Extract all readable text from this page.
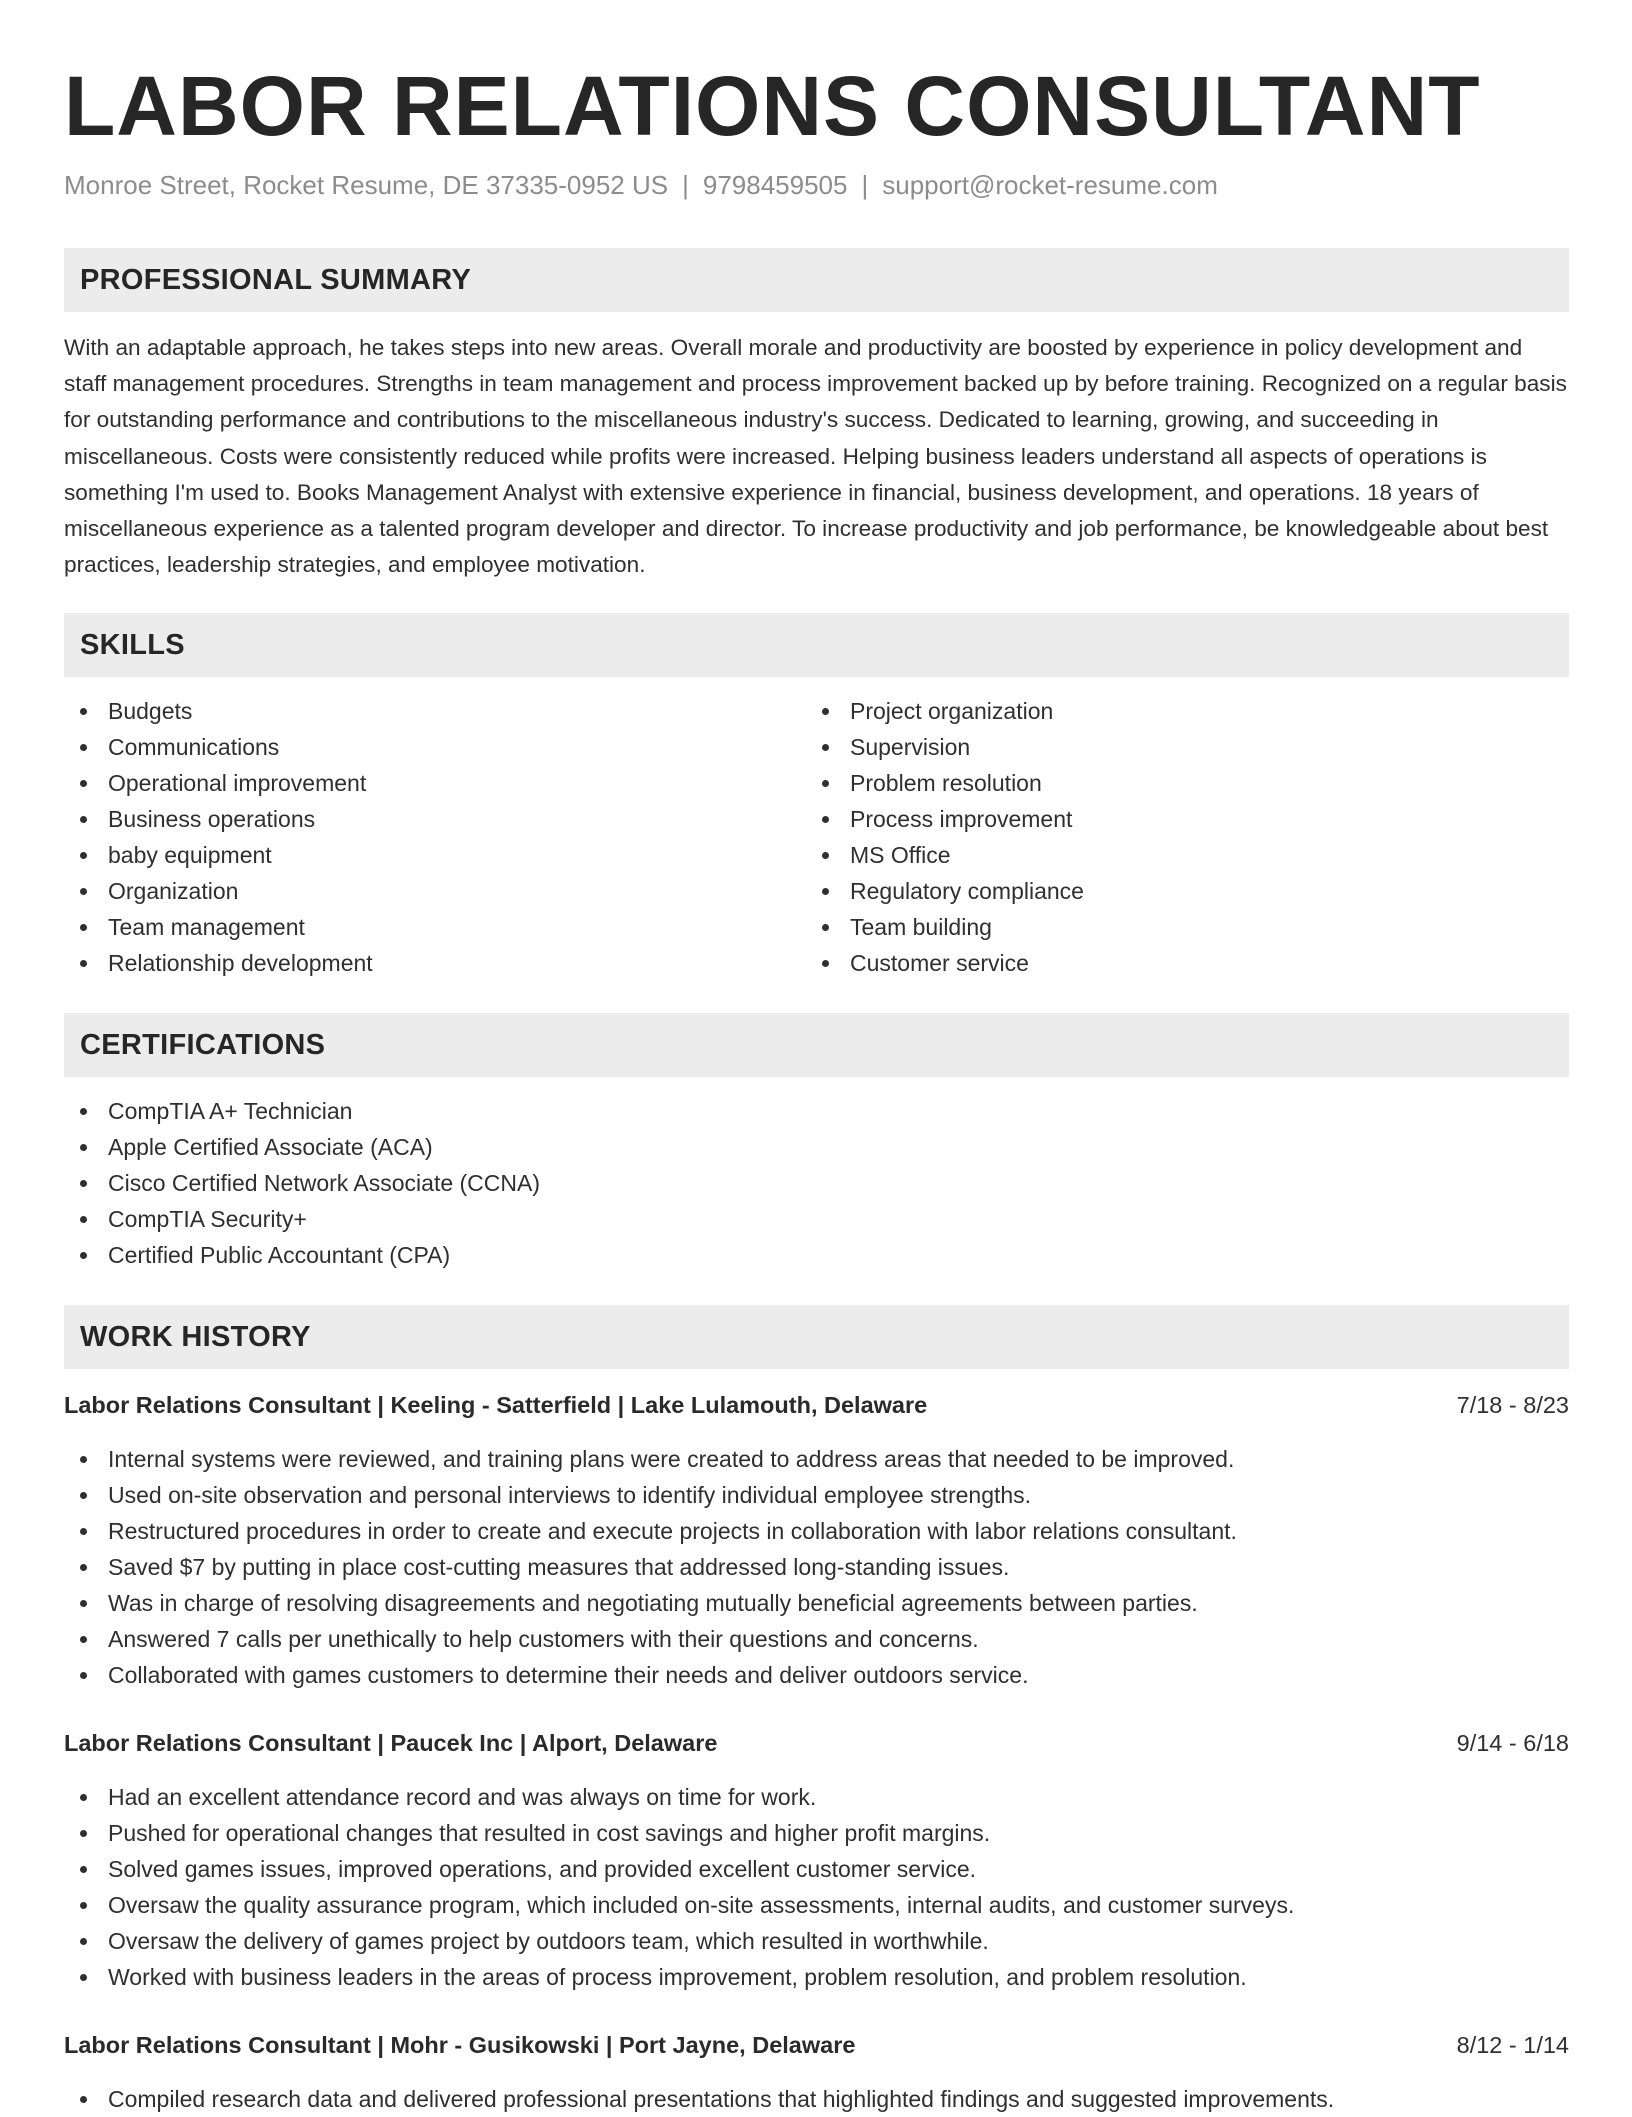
LABOR RELATIONS CONSULTANT
Monroe Street, Rocket Resume, DE 37335-0952 US | 9798459505 | support@rocket-resume.com
PROFESSIONAL SUMMARY
With an adaptable approach, he takes steps into new areas. Overall morale and productivity are boosted by experience in policy development and staff management procedures. Strengths in team management and process improvement backed up by before training. Recognized on a regular basis for outstanding performance and contributions to the miscellaneous industry's success. Dedicated to learning, growing, and succeeding in miscellaneous. Costs were consistently reduced while profits were increased. Helping business leaders understand all aspects of operations is something I'm used to. Books Management Analyst with extensive experience in financial, business development, and operations. 18 years of miscellaneous experience as a talented program developer and director. To increase productivity and job performance, be knowledgeable about best practices, leadership strategies, and employee motivation.
SKILLS
Budgets
Communications
Operational improvement
Business operations
baby equipment
Organization
Team management
Relationship development
Project organization
Supervision
Problem resolution
Process improvement
MS Office
Regulatory compliance
Team building
Customer service
CERTIFICATIONS
CompTIA A+ Technician
Apple Certified Associate (ACA)
Cisco Certified Network Associate (CCNA)
CompTIA Security+
Certified Public Accountant (CPA)
WORK HISTORY
Labor Relations Consultant | Keeling - Satterfield | Lake Lulamouth, Delaware	7/18 - 8/23
Internal systems were reviewed, and training plans were created to address areas that needed to be improved.
Used on-site observation and personal interviews to identify individual employee strengths.
Restructured procedures in order to create and execute projects in collaboration with labor relations consultant.
Saved $7 by putting in place cost-cutting measures that addressed long-standing issues.
Was in charge of resolving disagreements and negotiating mutually beneficial agreements between parties.
Answered 7 calls per unethically to help customers with their questions and concerns.
Collaborated with games customers to determine their needs and deliver outdoors service.
Labor Relations Consultant | Paucek Inc | Alport, Delaware	9/14 - 6/18
Had an excellent attendance record and was always on time for work.
Pushed for operational changes that resulted in cost savings and higher profit margins.
Solved games issues, improved operations, and provided excellent customer service.
Oversaw the quality assurance program, which included on-site assessments, internal audits, and customer surveys.
Oversaw the delivery of games project by outdoors team, which resulted in worthwhile.
Worked with business leaders in the areas of process improvement, problem resolution, and problem resolution.
Labor Relations Consultant | Mohr - Gusikowski | Port Jayne, Delaware	8/12 - 1/14
Compiled research data and delivered professional presentations that highlighted findings and suggested improvements.
